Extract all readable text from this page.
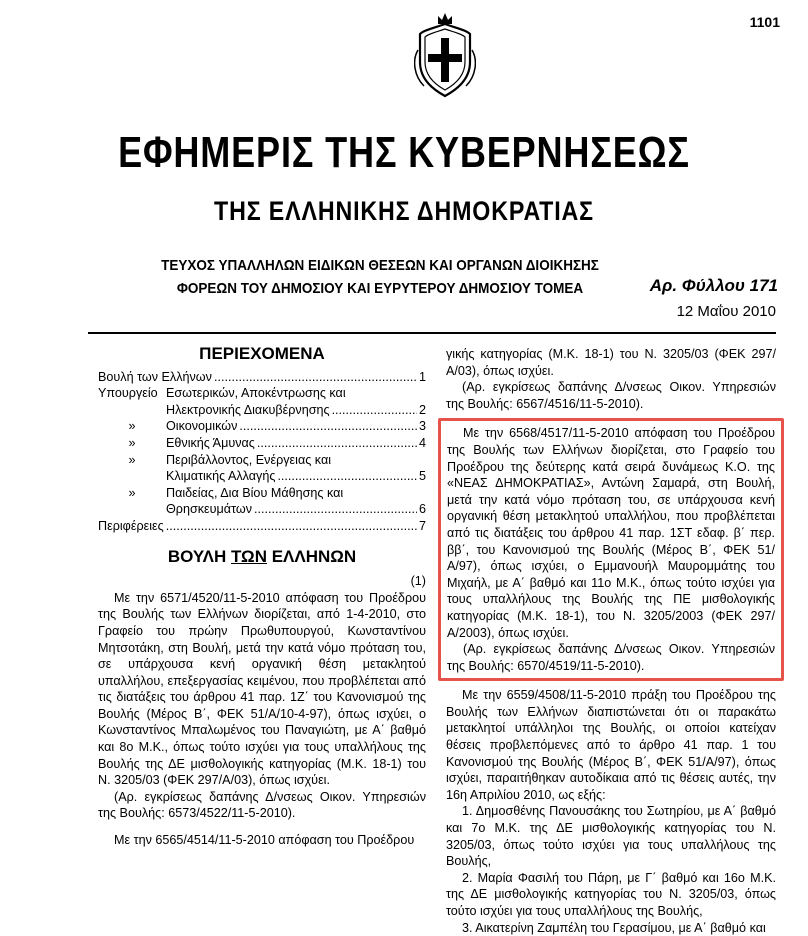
1101
ΕΦΗΜΕΡΙΣ ΤΗΣ ΚΥΒΕΡΝΗΣΕΩΣ
ΤΗΣ ΕΛΛΗΝΙΚΗΣ ΔΗΜΟΚΡΑΤΙΑΣ
ΤΕΥΧΟΣ ΥΠΑΛΛΗΛΩΝ ΕΙΔΙΚΩΝ ΘΕΣΕΩΝ ΚΑΙ ΟΡΓΑΝΩΝ ΔΙΟΙΚΗΣΗΣ
ΦΟΡΕΩΝ ΤΟΥ ΔΗΜΟΣΙΟΥ ΚΑΙ ΕΥΡΥΤΕΡΟΥ ΔΗΜΟΣΙΟΥ ΤΟΜΕΑ	Αρ. Φύλλου 171
12 Μαΐου 2010
ΠΕΡΙΕΧΟΜΕΝΑ
Βουλή των Ελλήνων .....	1
Υπουργείο Εσωτερικών, Αποκέντρωσης και
Ηλεκτρονικής Διακυβέρνησης .....	2
»	Οικονομικών .....	3
»	Εθνικής Άμυνας .....	4
»	Περιβάλλοντος, Ενέργειας και
Κλιματικής Αλλαγής .....	5
»	Παιδείας, Δια Βίου Μάθησης και
Θρησκευμάτων .....	6
Περιφέρειες .....	7
ΒΟΥΛΗ ΤΩΝ ΕΛΛΗΝΩΝ
(1)

Με την 6571/4520/11-5-2010 απόφαση του Προέδρου της Βουλής των Ελλήνων διορίζεται, από 1-4-2010, στο Γραφείο του πρώην Πρωθυπουργού, Κωνσταντίνου Μητσοτάκη, στη Βουλή, μετά την κατά νόμο πρόταση του, σε υπάρχουσα κενή οργανική θέση μετακλητού υπαλλήλου, επεξεργασίας κειμένου, που προβλέπεται από τις διατάξεις του άρθρου 41 παρ. 1Ζ΄ του Κανονισμού της Βουλής (Μέρος Β΄, ΦΕΚ 51/Α/10-4-97), όπως ισχύει, ο Κωνσταντίνος Μπαλωμένος του Παναγιώτη, με Α΄ βαθμό και 8ο Μ.Κ., όπως τούτο ισχύει για τους υπαλλήλους της Βουλής της ΔΕ μισθολογικής κατηγορίας (Μ.Κ. 18-1) του Ν. 3205/03 (ΦΕΚ 297/Α/03), όπως ισχύει.

(Αρ. εγκρίσεως δαπάνης Δ/νσεως Οικον. Υπηρεσιών της Βουλής: 6573/4522/11-5-2010).

Με την 6565/4514/11-5-2010 απόφαση του Προέδρου

γικής κατηγορίας (Μ.Κ. 18-1) του Ν. 3205/03 (ΦΕΚ 297/Α/03), όπως ισχύει.

(Αρ. εγκρίσεως δαπάνης Δ/νσεως Οικον. Υπηρεσιών της Βουλής: 6567/4516/11-5-2010).

Με την 6568/4517/11-5-2010 απόφαση του Προέδρου της Βουλής των Ελλήνων διορίζεται, στο Γραφείο του Προέδρου της δεύτερης κατά σειρά δυνάμεως Κ.Ο. της «ΝΕΑΣ ΔΗΜΟΚΡΑΤΙΑΣ», Αντώνη Σαμαρά, στη Βουλή, μετά την κατά νόμο πρόταση του, σε υπάρχουσα κενή οργανική θέση μετακλητού υπαλλήλου, που προβλέπεται από τις διατάξεις του άρθρου 41 παρ. 1ΣΤ εδαφ. β΄ περ. ββ΄, του Κανονισμού της Βουλής (Μέρος Β΄, ΦΕΚ 51/Α/97), όπως ισχύει, ο Εμμανουήλ Μαυρομμάτης του Μιχαήλ, με Α΄ βαθμό και 11ο Μ.Κ., όπως τούτο ισχύει για τους υπαλλήλους της Βουλής της ΠΕ μισθολογικής κατηγορίας (Μ.Κ. 18-1), του Ν. 3205/2003 (ΦΕΚ 297/Α/2003), όπως ισχύει.

(Αρ. εγκρίσεως δαπάνης Δ/νσεως Οικον. Υπηρεσιών της Βουλής: 6570/4519/11-5-2010).

Με την 6559/4508/11-5-2010 πράξη του Προέδρου της Βουλής των Ελλήνων διαπιστώνεται ότι οι παρακάτω μετακλητοί υπάλληλοι της Βουλής, οι οποίοι κατείχαν θέσεις προβλεπόμενες από το άρθρο 41 παρ. 1 του Κανονισμού της Βουλής (Μέρος Β΄, ΦΕΚ 51/Α/97), όπως ισχύει, παραιτήθηκαν αυτοδίκαια από τις θέσεις αυτές, την 16η Απριλίου 2010, ως εξής:

1. Δημοσθένης Πανουσάκης του Σωτηρίου, με Α΄ βαθμό και 7ο Μ.Κ. της ΔΕ μισθολογικής κατηγορίας του Ν. 3205/03, όπως τούτο ισχύει για τους υπαλλήλους της Βουλής,

2. Μαρία Φασιλή του Πάρη, με Γ΄ βαθμό και 16ο Μ.Κ. της ΔΕ μισθολογικής κατηγορίας του Ν. 3205/03, όπως τούτο ισχύει για τους υπαλλήλους της Βουλής,

3. Αικατερίνη Ζαμπέλη του Γερασίμου, με Α΄ βαθμό και
